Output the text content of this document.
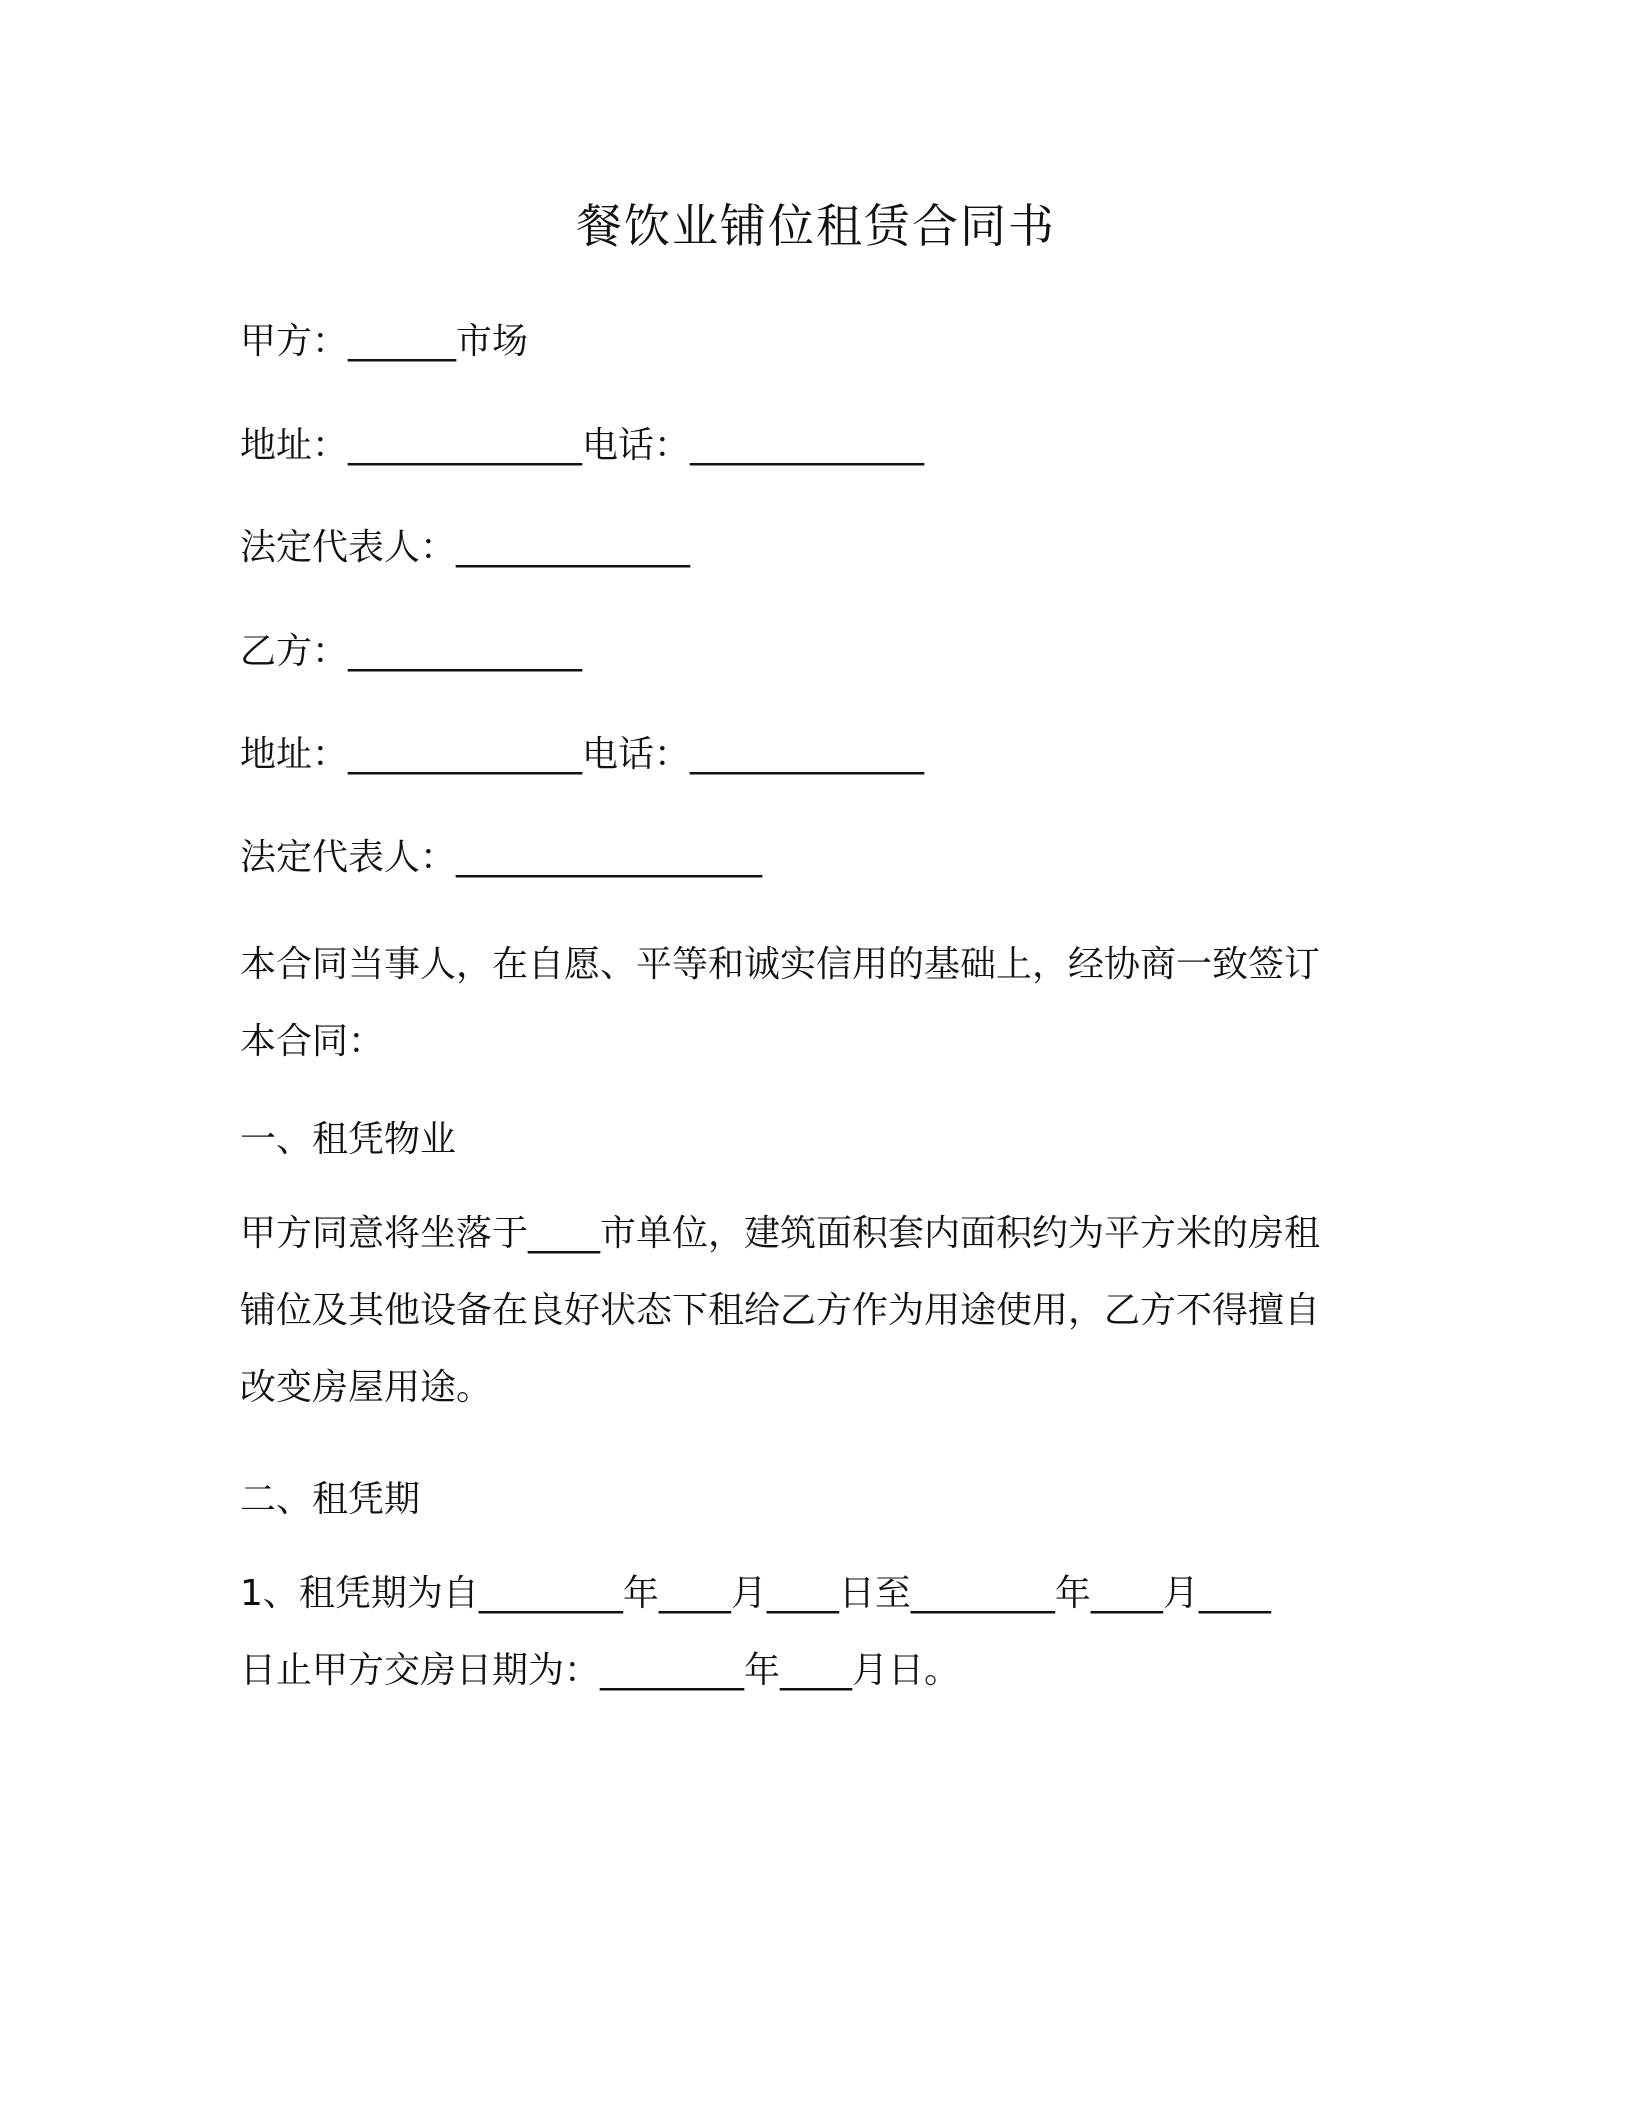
餐饮业铺位租赁合同书
甲方：______市场
地址：_____________电话：_____________
法定代表人：_____________
乙方：_____________
地址：_____________电话：_____________
法定代表人：_________________
本合同当事人，在自愿、平等和诚实信用的基础上，经协商一致签订
本合同：
一、租凭物业
甲方同意将坐落于____市单位，建筑面积套内面积约为平方米的房租
铺位及其他设备在良好状态下租给乙方作为用途使用，乙方不得擅自
改变房屋用途。
二、租凭期
1、租凭期为自________年____月____日至________年____月____
日止甲方交房日期为：________年____月日。
